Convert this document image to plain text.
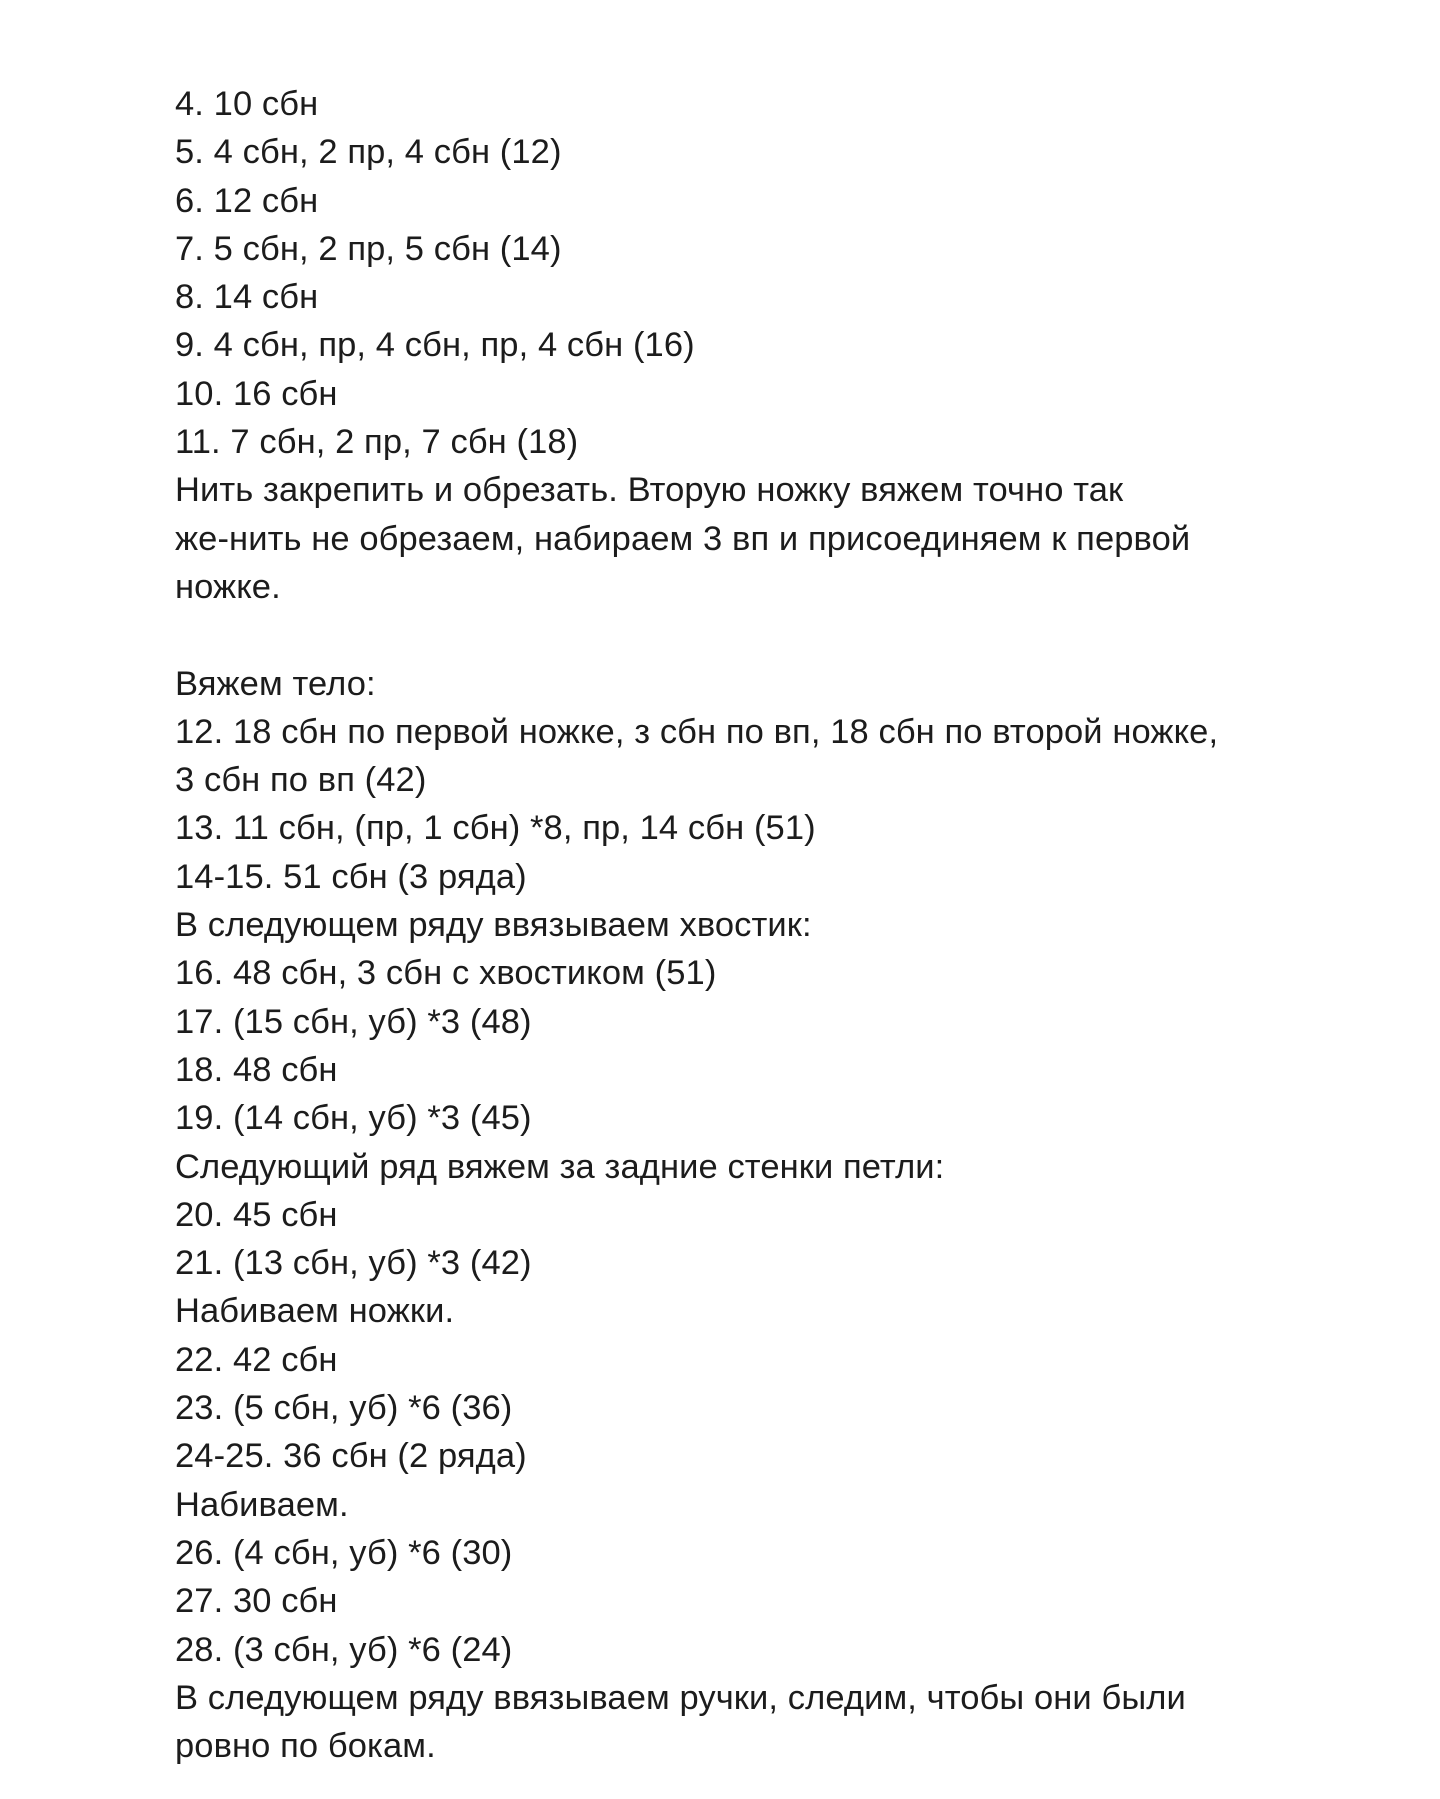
4. 10 сбн
5. 4 сбн, 2 пр, 4 сбн (12)
6. 12 сбн
7. 5 сбн, 2 пр, 5 сбн (14)
8. 14 сбн
9. 4 сбн, пр, 4 сбн, пр, 4 сбн (16)
10. 16 сбн
11. 7 сбн, 2 пр, 7 сбн (18)
Нить закрепить и обрезать. Вторую ножку вяжем точно так
же-нить не обрезаем, набираем 3 вп и присоединяем к первой
ножке.
Вяжем тело:
12. 18 сбн по первой ножке, з сбн по вп, 18 сбн по второй ножке,
3 сбн по вп (42)
13. 11 сбн, (пр, 1 сбн) *8, пр, 14 сбн (51)
14-15. 51 сбн (3 ряда)
В следующем ряду ввязываем хвостик:
16. 48 сбн, 3 сбн с хвостиком (51)
17. (15 сбн, уб) *3 (48)
18. 48 сбн
19. (14 сбн, уб) *3 (45)
Следующий ряд вяжем за задние стенки петли:
20. 45 сбн
21. (13 сбн, уб) *3 (42)
Набиваем ножки.
22. 42 сбн
23. (5 сбн, уб) *6 (36)
24-25. 36 сбн (2 ряда)
Набиваем.
26. (4 сбн, уб) *6 (30)
27. 30 сбн
28. (3 сбн, уб) *6 (24)
В следующем ряду ввязываем ручки, следим, чтобы они были
ровно по бокам.
